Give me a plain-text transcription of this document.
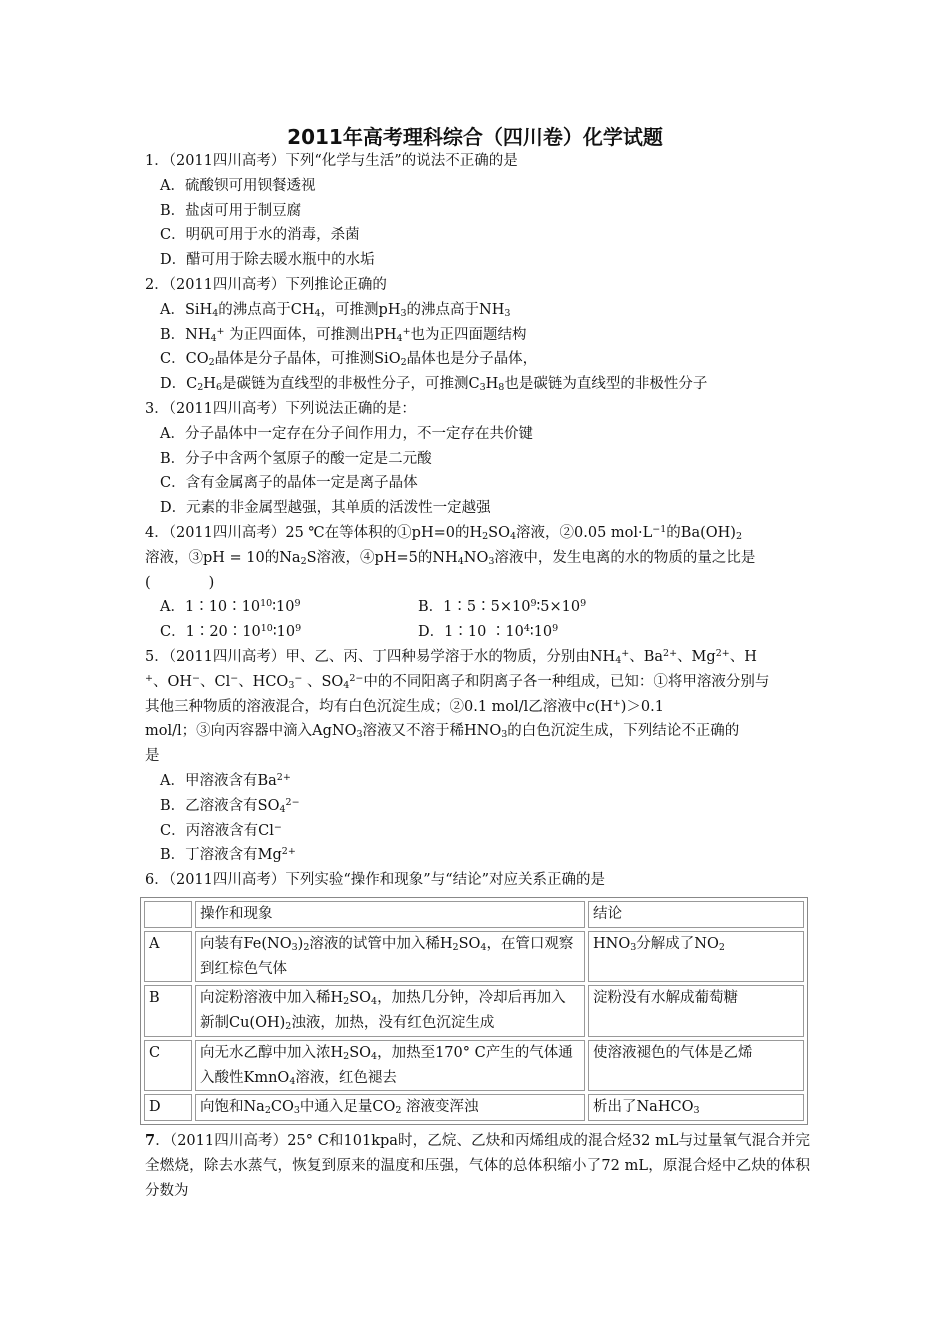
2011年高考理科综合（四川卷）化学试题

1．（2011四川高考）下列“化学与生活”的说法不正确的是

A．硫酸钡可用钡餐透视

B．盐卤可用于制豆腐

C．明矾可用于水的消毒，杀菌

D．醋可用于除去暖水瓶中的水垢

2．（2011四川高考）下列推论正确的

A．SiH$_4$的沸点高于$CH_4$，可推测$pH_3$的沸点高于$NH_3$

B．$NH_4^+$ 为正四面体，可推测出$PH_4^+$也为正四面题结构

C．$CO_2$晶体是分子晶体，可推测SiO$_2$晶体也是分子晶体，

D．$C_2H_6$是碳链为直线型的非极性分子，可推测$C_3H_8$也是碳链为直线型的非极性分子

3．（2011四川高考）下列说法正确的是：

A．分子晶体中一定存在分子间作用力，不一定存在共价键

B．分子中含两个氢原子的酸一定是二元酸

C．含有金属离子的晶体一定是离子晶体

D．元素的非金属型越强，其单质的活泼性一定越强

4．（2011四川高考）25 ℃在等体积的①pH=0的$H_2SO_4$溶液，②0.05 $mol\cdot L^{-1}$的$Ba(OH)_2$
溶液，③pH = 10的$Na_2S$溶液，④pH=5的$NH_4NO_3$溶液中，发生电离的水的物质的量之比是
(　　　　)

A．$1∶10∶10^{10}∶10^9$	B．$1∶5∶5\times 10^9∶5\times 10^9$
C．$1∶20∶10^{10}∶10^9$	D．1∶10 $∶10^4∶10^9$

5．（2011四川高考）甲、乙、丙、丁四种易学溶于水的物质，分别由$NH_4^+$、$Ba^{2+}$、$Mg^{2+}$、H
+、OH−、Cl−、$HCO_3^-$ 、$SO_4^{2-}$中的不同阳离子和阴离子各一种组成，已知：①将甲溶液分别与
其他三种物质的溶液混合，均有白色沉淀生成；②0.1 mol/l乙溶液中c(H+)＞0.1
mol/l；③向丙容器中滴入AgNO$_3$溶液又不溶于稀$HNO_3$的白色沉淀生成，下列结论不正确的
是

A．甲溶液含有$Ba^{2+}$

B．乙溶液含有$SO_4^{2-}$

C．丙溶液含有Cl−

B．丁溶液含有$Mg^{2+}$

6．（2011四川高考）下列实验“操作和现象”与“结论”对应关系正确的是

	操作和现象	结论
A	向装有$Fe(NO_3)_2$溶液的试管中加入稀$H_2SO_4$，在管口观察到红棕色气体	$HNO_3$分解成了$NO_2$
B	向淀粉溶液中加入稀$H_2SO_4$，加热几分钟，冷却后再加入新制$Cu(OH)_2$浊液，加热，没有红色沉淀生成	淀粉没有水解成葡萄糖
C	向无水乙醇中加入浓$H_2SO_4$，加热至170° C产生的气体通入酸性KmnO$_4$溶液，红色褪去	使溶液褪色的气体是乙烯
D	向饱和$Na_2CO_3$中通入足量$CO_2$ 溶液变浑浊	析出了NaHCO$_3$

7．（2011四川高考）25° C和101kpa时，乙烷、乙炔和丙烯组成的混合烃32 mL与过量氧气混合并完全燃烧，除去水蒸气，恢复到原来的温度和压强，气体的总体积缩小了72 mL，原混合烃中乙炔的体积分数为
